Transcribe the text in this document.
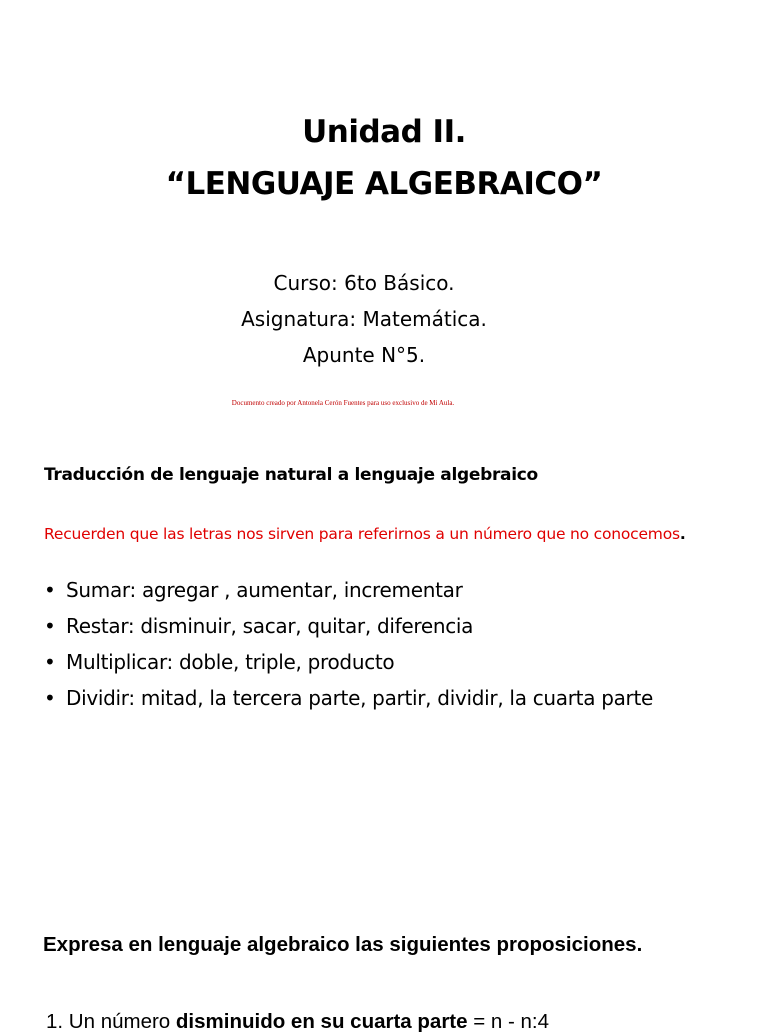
Unidad II.
“LENGUAJE ALGEBRAICO”
Curso: 6to Básico.
Asignatura: Matemática.
Apunte N°5.
Documento creado por Antonela Cerón Fuentes para uso exclusivo de Mi Aula.
Traducción de lenguaje natural a lenguaje algebraico
Recuerden que las letras nos sirven para referirnos a un número que no conocemos.
• Sumar: agregar , aumentar, incrementar
• Restar: disminuir, sacar, quitar, diferencia
• Multiplicar: doble, triple, producto
• Dividir: mitad, la tercera parte, partir, dividir, la cuarta parte
Expresa en lenguaje algebraico las siguientes proposiciones.
1. Un número disminuido en su cuarta parte = n - n:4
